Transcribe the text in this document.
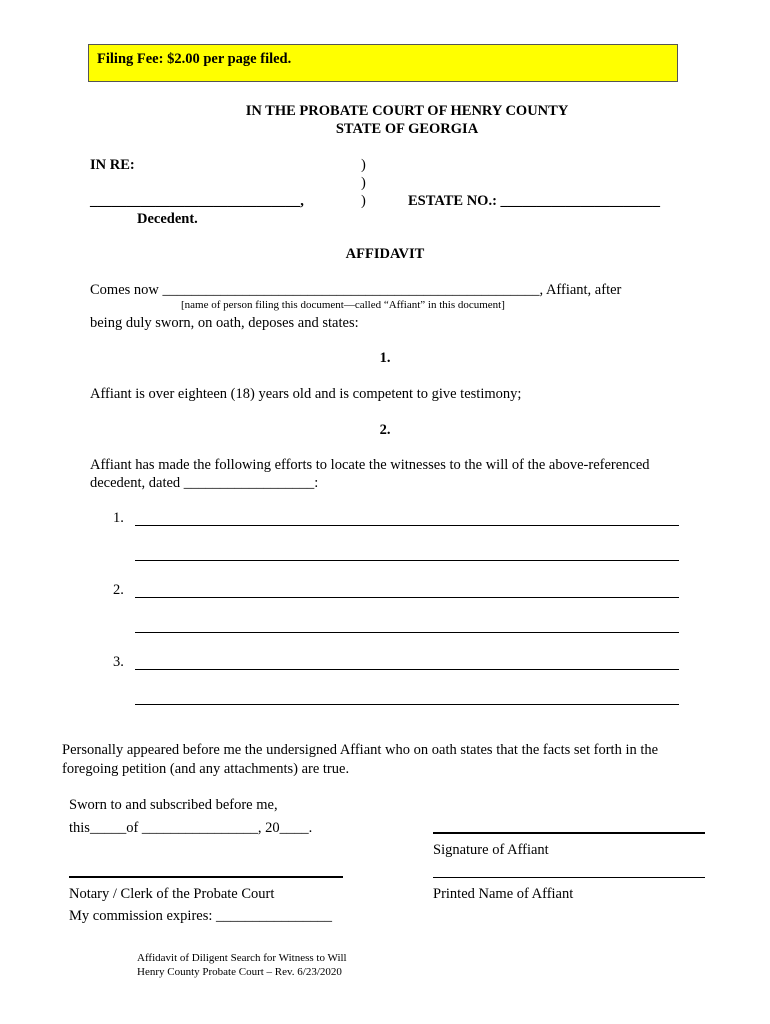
Filing Fee: $2.00 per page filed.
IN THE PROBATE COURT OF HENRY COUNTY
STATE OF GEORGIA
IN RE:	)
)
)
_____________________________,	ESTATE NO.: ______________________
Decedent.
AFFIDAVIT
Comes now ____________________________________________________, Affiant, after
[name of person filing this document—called “Affiant” in this document]
being duly sworn, on oath, deposes and states:
1.
Affiant is over eighteen (18) years old and is competent to give testimony;
2.
Affiant has made the following efforts to locate the witnesses to the will of the above-referenced
decedent, dated __________________:
1.
2.
3.
Personally appeared before me the undersigned Affiant who on oath states that the facts set forth in the
foregoing petition (and any attachments) are true.
Sworn to and subscribed before me,
this_____of ________________, 20____.
Notary / Clerk of the Probate Court
My commission expires: ________________
Signature of Affiant
Printed Name of Affiant
Affidavit of Diligent Search for Witness to Will
Henry County Probate Court – Rev. 6/23/2020
